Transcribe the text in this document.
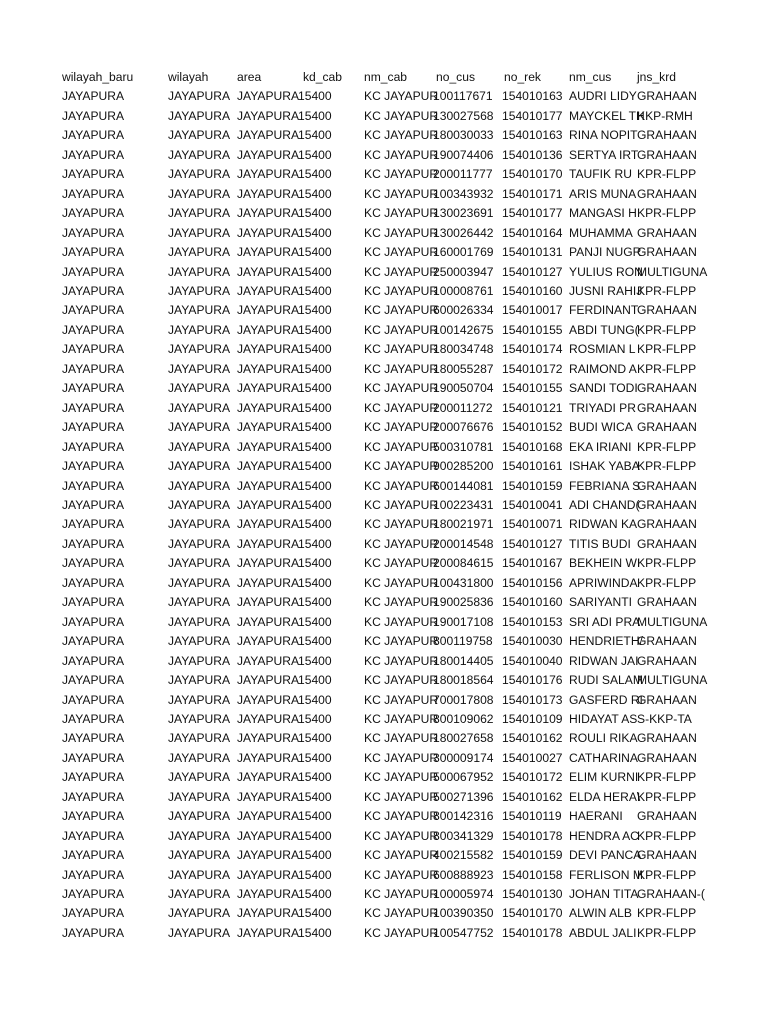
wilayah_baru	wilayah	area	kd_cab	nm_cab	no_cus	no_rek	nm_cus	jns_krd
JAYAPURA	JAYAPURA	JAYAPURA	15400	KC JAYAPUR	100117671	154010163	AUDRI LIDY	GRAHAAN
JAYAPURA	JAYAPURA	JAYAPURA	15400	KC JAYAPUR	130027568	154010177	MAYCKEL TH	KKP-RMH
JAYAPURA	JAYAPURA	JAYAPURA	15400	KC JAYAPUR	180030033	154010163	RINA NOPIT	GRAHAAN
JAYAPURA	JAYAPURA	JAYAPURA	15400	KC JAYAPUR	190074406	154010136	SERTYA IRT	GRAHAAN
JAYAPURA	JAYAPURA	JAYAPURA	15400	KC JAYAPUR	200011777	154010170	TAUFIK RU	KPR-FLPP
JAYAPURA	JAYAPURA	JAYAPURA	15400	KC JAYAPUR	100343932	154010171	ARIS MUNA	GRAHAAN
JAYAPURA	JAYAPURA	JAYAPURA	15400	KC JAYAPUR	130023691	154010177	MANGASI H	KPR-FLPP
JAYAPURA	JAYAPURA	JAYAPURA	15400	KC JAYAPUR	130026442	154010164	MUHAMMA	GRAHAAN
JAYAPURA	JAYAPURA	JAYAPURA	15400	KC JAYAPUR	160001769	154010131	PANJI NUGR	GRAHAAN
JAYAPURA	JAYAPURA	JAYAPURA	15400	KC JAYAPUR	250003947	154010127	YULIUS RON	MULTIGUNA
JAYAPURA	JAYAPURA	JAYAPURA	15400	KC JAYAPUR	100008761	154010160	JUSNI RAHIJ	KPR-FLPP
JAYAPURA	JAYAPURA	JAYAPURA	15400	KC JAYAPUR	600026334	154010017	FERDINANT	GRAHAAN
JAYAPURA	JAYAPURA	JAYAPURA	15400	KC JAYAPUR	100142675	154010155	ABDI TUNG(	KPR-FLPP
JAYAPURA	JAYAPURA	JAYAPURA	15400	KC JAYAPUR	180034748	154010174	ROSMIAN L	KPR-FLPP
JAYAPURA	JAYAPURA	JAYAPURA	15400	KC JAYAPUR	180055287	154010172	RAIMOND A	KPR-FLPP
JAYAPURA	JAYAPURA	JAYAPURA	15400	KC JAYAPUR	190050704	154010155	SANDI TODI	GRAHAAN
JAYAPURA	JAYAPURA	JAYAPURA	15400	KC JAYAPUR	200011272	154010121	TRIYADI PR	GRAHAAN
JAYAPURA	JAYAPURA	JAYAPURA	15400	KC JAYAPUR	200076676	154010152	BUDI WICA	GRAHAAN
JAYAPURA	JAYAPURA	JAYAPURA	15400	KC JAYAPUR	500310781	154010168	EKA IRIANI	KPR-FLPP
JAYAPURA	JAYAPURA	JAYAPURA	15400	KC JAYAPUR	900285200	154010161	ISHAK YABA	KPR-FLPP
JAYAPURA	JAYAPURA	JAYAPURA	15400	KC JAYAPUR	600144081	154010159	FEBRIANA S	GRAHAAN
JAYAPURA	JAYAPURA	JAYAPURA	15400	KC JAYAPUR	100223431	154010041	ADI CHAND(	GRAHAAN
JAYAPURA	JAYAPURA	JAYAPURA	15400	KC JAYAPUR	180021971	154010071	RIDWAN KA	GRAHAAN
JAYAPURA	JAYAPURA	JAYAPURA	15400	KC JAYAPUR	200014548	154010127	TITIS BUDI	GRAHAAN
JAYAPURA	JAYAPURA	JAYAPURA	15400	KC JAYAPUR	200084615	154010167	BEKHEIN WI	KPR-FLPP
JAYAPURA	JAYAPURA	JAYAPURA	15400	KC JAYAPUR	100431800	154010156	APRIWINDA	KPR-FLPP
JAYAPURA	JAYAPURA	JAYAPURA	15400	KC JAYAPUR	190025836	154010160	SARIYANTI	GRAHAAN
JAYAPURA	JAYAPURA	JAYAPURA	15400	KC JAYAPUR	190017108	154010153	SRI ADI PRA	MULTIGUNA
JAYAPURA	JAYAPURA	JAYAPURA	15400	KC JAYAPUR	800119758	154010030	HENDRIETH/	GRAHAAN
JAYAPURA	JAYAPURA	JAYAPURA	15400	KC JAYAPUR	180014405	154010040	RIDWAN JAI	GRAHAAN
JAYAPURA	JAYAPURA	JAYAPURA	15400	KC JAYAPUR	180018564	154010176	RUDI SALAM	MULTIGUNA
JAYAPURA	JAYAPURA	JAYAPURA	15400	KC JAYAPUR	700017808	154010173	GASFERD RI	GRAHAAN
JAYAPURA	JAYAPURA	JAYAPURA	15400	KC JAYAPUR	800109062	154010109	HIDAYAT AS	S-KKP-TA
JAYAPURA	JAYAPURA	JAYAPURA	15400	KC JAYAPUR	180027658	154010162	ROULI RIKA	GRAHAAN
JAYAPURA	JAYAPURA	JAYAPURA	15400	KC JAYAPUR	300009174	154010027	CATHARINA	GRAHAAN
JAYAPURA	JAYAPURA	JAYAPURA	15400	KC JAYAPUR	500067952	154010172	ELIM KURNI	KPR-FLPP
JAYAPURA	JAYAPURA	JAYAPURA	15400	KC JAYAPUR	500271396	154010162	ELDA HERA\	KPR-FLPP
JAYAPURA	JAYAPURA	JAYAPURA	15400	KC JAYAPUR	800142316	154010119	HAERANI	GRAHAAN
JAYAPURA	JAYAPURA	JAYAPURA	15400	KC JAYAPUR	800341329	154010178	HENDRA AC	KPR-FLPP
JAYAPURA	JAYAPURA	JAYAPURA	15400	KC JAYAPUR	400215582	154010159	DEVI PANCA	GRAHAAN
JAYAPURA	JAYAPURA	JAYAPURA	15400	KC JAYAPUR	600888923	154010158	FERLISON M	KPR-FLPP
JAYAPURA	JAYAPURA	JAYAPURA	15400	KC JAYAPUR	100005974	154010130	JOHAN TITA	GRAHAAN-(
JAYAPURA	JAYAPURA	JAYAPURA	15400	KC JAYAPUR	100390350	154010170	ALWIN ALB	KPR-FLPP
JAYAPURA	JAYAPURA	JAYAPURA	15400	KC JAYAPUR	100547752	154010178	ABDUL JALI	KPR-FLPP
